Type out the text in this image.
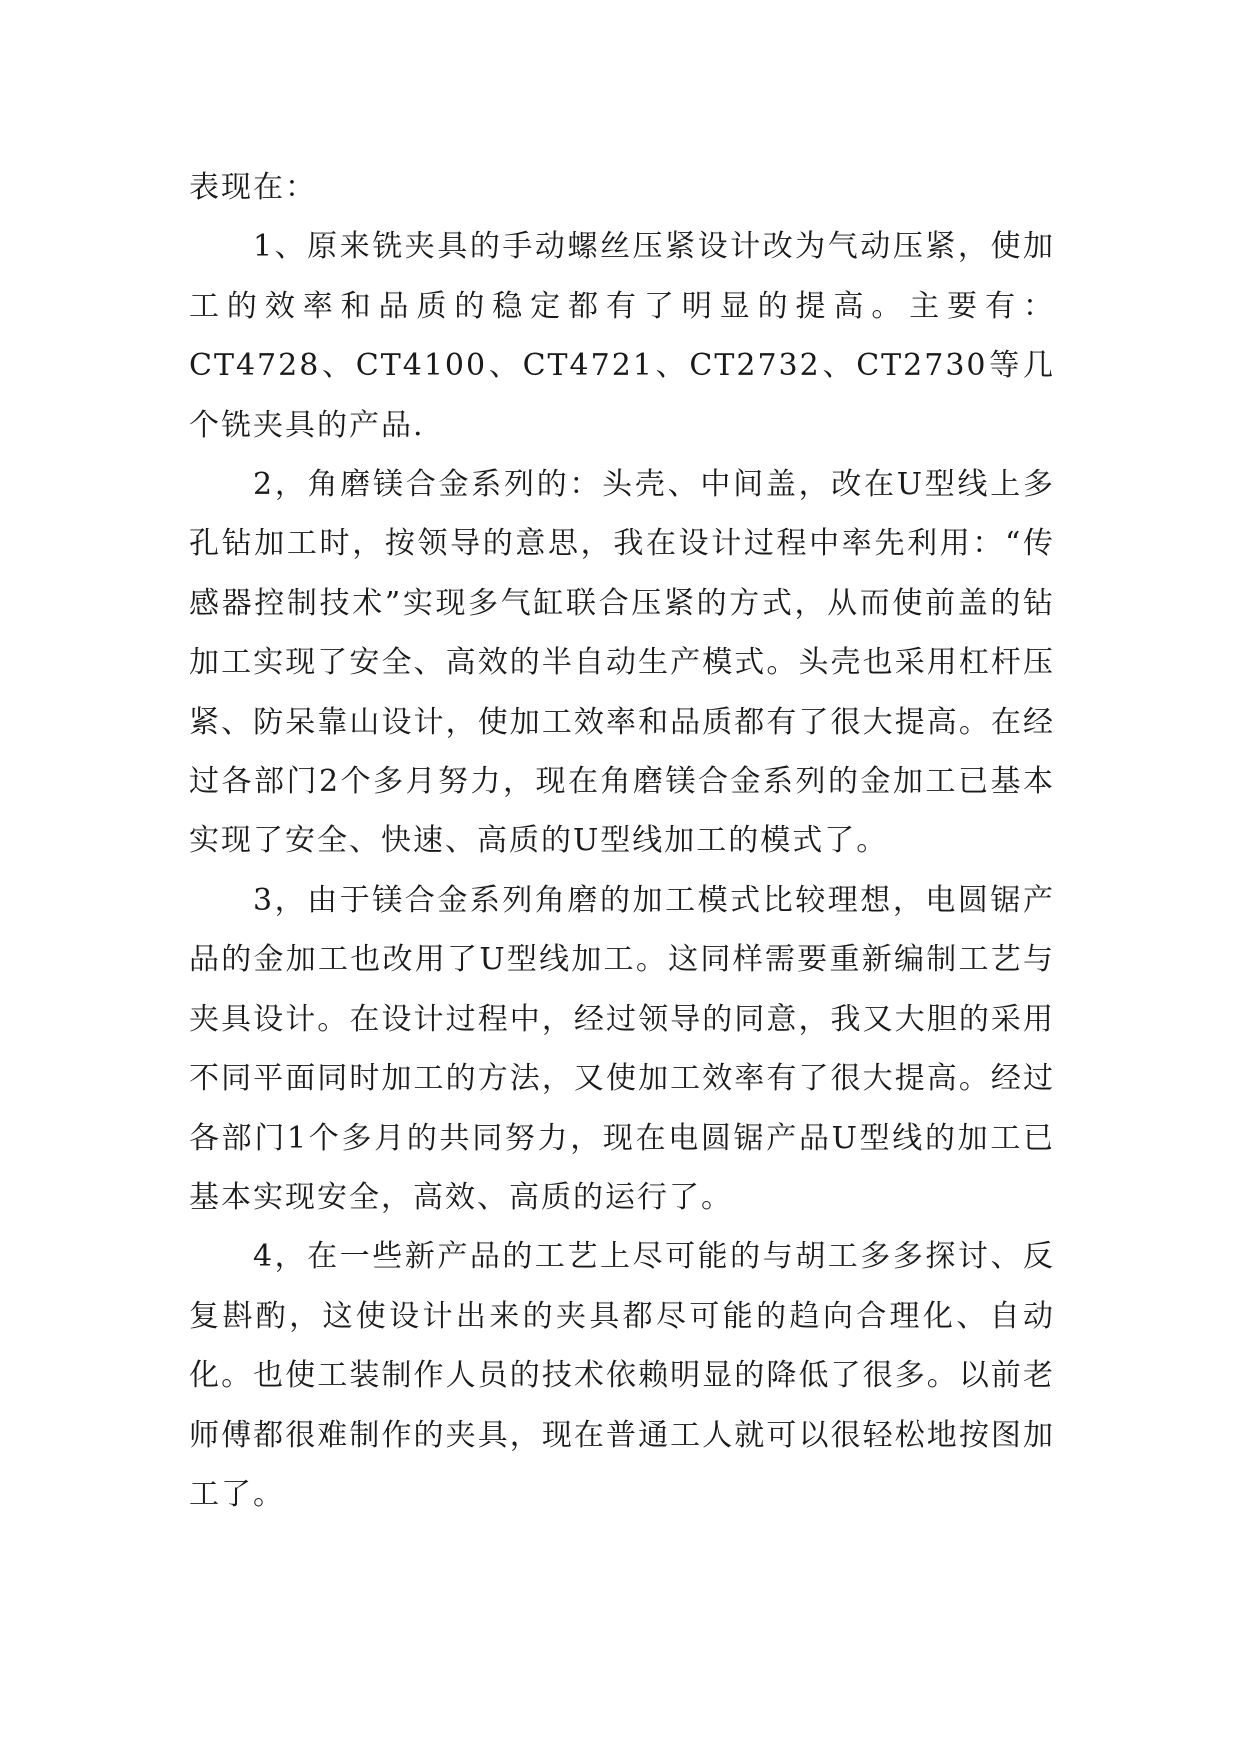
表现在：

1、原来铣夹具的手动螺丝压紧设计改为气动压紧，使加工的效率和品质的稳定都有了明显的提高。主要有：CT4728、CT4100、CT4721、CT2732、CT2730等几个铣夹具的产品.

2，角磨镁合金系列的：头壳、中间盖，改在U型线上多孔钻加工时，按领导的意思，我在设计过程中率先利用：“传感器控制技术”实现多气缸联合压紧的方式，从而使前盖的钻加工实现了安全、高效的半自动生产模式。头壳也采用杠杆压紧、防呆靠山设计，使加工效率和品质都有了很大提高。在经过各部门2个多月努力，现在角磨镁合金系列的金加工已基本实现了安全、快速、高质的U型线加工的模式了。

3，由于镁合金系列角磨的加工模式比较理想，电圆锯产品的金加工也改用了U型线加工。这同样需要重新编制工艺与夹具设计。在设计过程中，经过领导的同意，我又大胆的采用不同平面同时加工的方法，又使加工效率有了很大提高。经过各部门1个多月的共同努力，现在电圆锯产品U型线的加工已基本实现安全，高效、高质的运行了。

4，在一些新产品的工艺上尽可能的与胡工多多探讨、反复斟酌，这使设计出来的夹具都尽可能的趋向合理化、自动化。也使工装制作人员的技术依赖明显的降低了很多。以前老师傅都很难制作的夹具，现在普通工人就可以很轻松地按图加工了。
